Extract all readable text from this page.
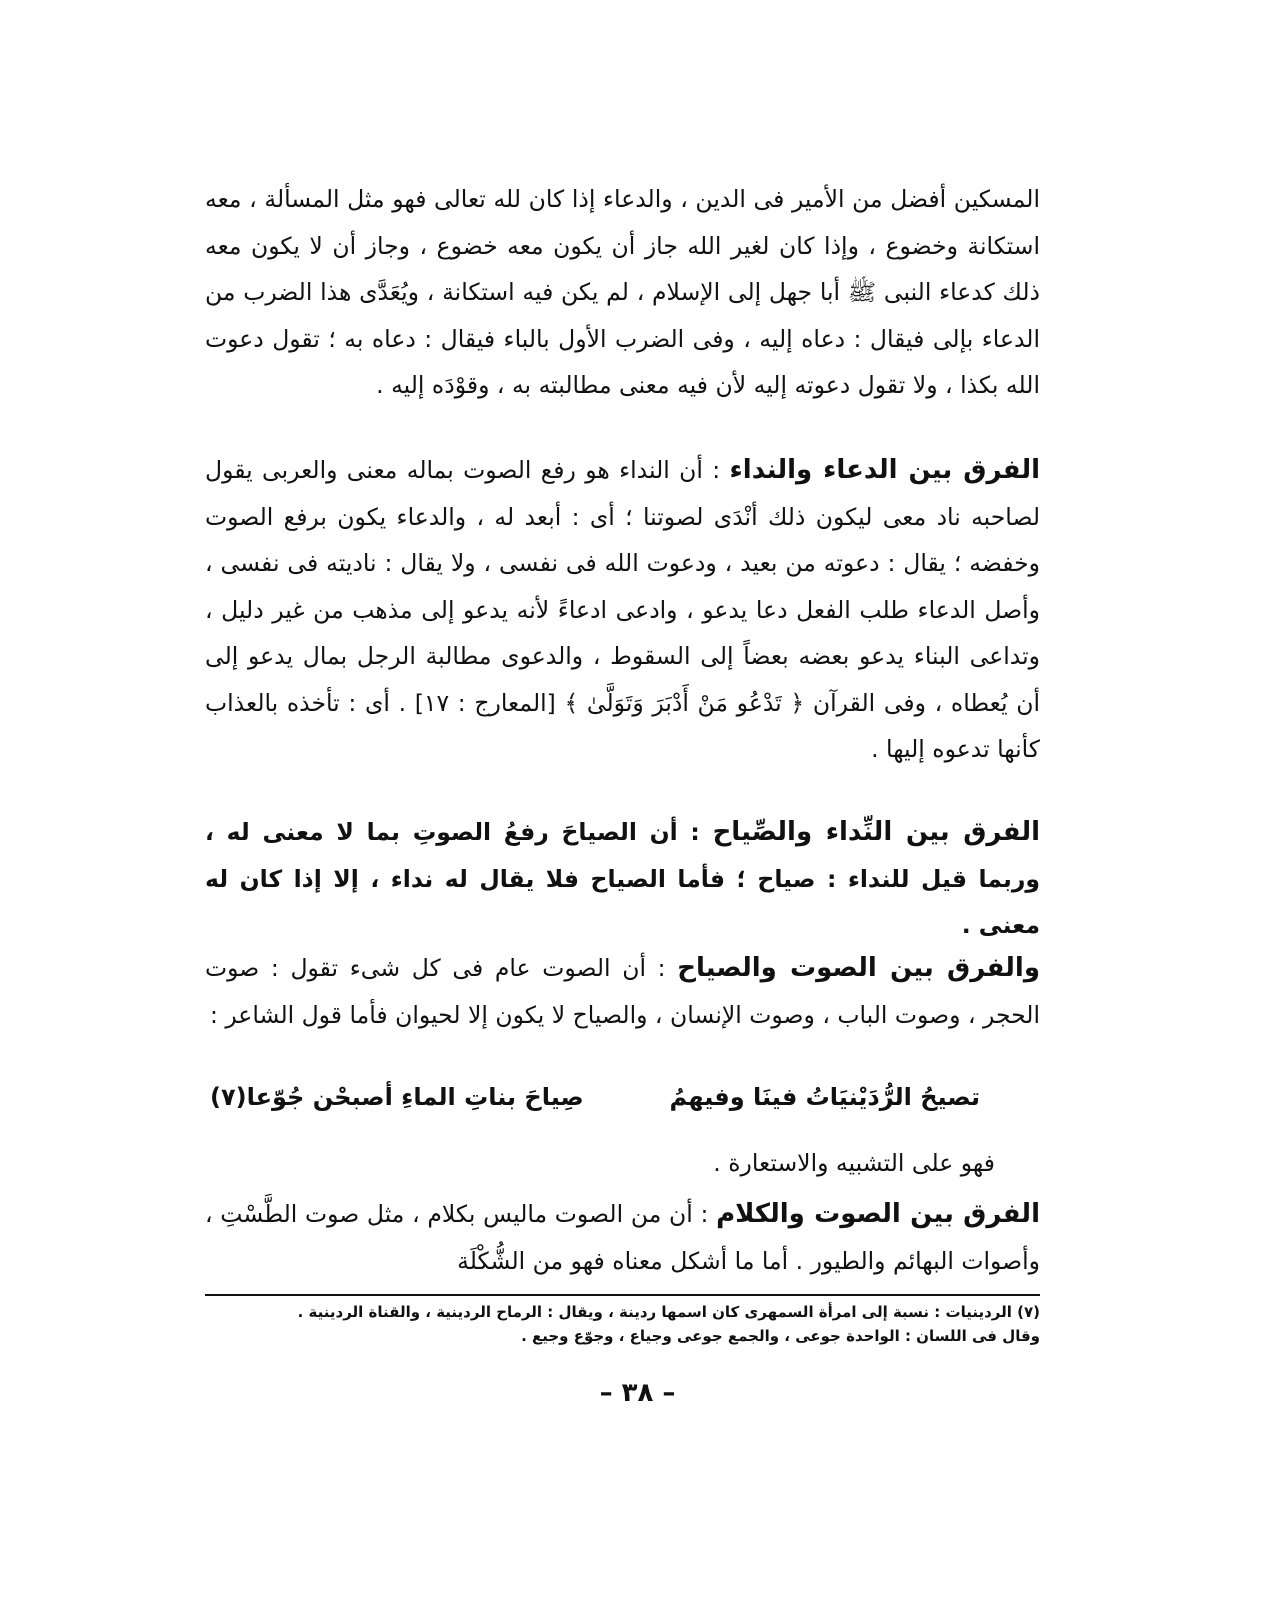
المسكين أفضل من الأمير فى الدين ، والدعاء إذا كان لله تعالى فهو مثل المسألة ، معه استكانة وخضوع ، وإذا كان لغير الله جاز أن يكون معه خضوع ، وجاز أن لا يكون معه ذلك كدعاء النبى ﷺ أبا جهل إلى الإسلام ، لم يكن فيه استكانة ، ويُعَدَّى هذا الضرب من الدعاء بإلى فيقال : دعاه إليه ، وفى الضرب الأول بالباء فيقال : دعاه به ؛ تقول دعوت الله بكذا ، ولا تقول دعوته إليه لأن فيه معنى مطالبته به ، وقوْدَه إليه .

الفرق بين الدعاء والنداء : أن النداء هو رفع الصوت بماله معنى والعربى يقول لصاحبه ناد معى ليكون ذلك أنْدَى لصوتنا ؛ أى : أبعد له ، والدعاء يكون برفع الصوت وخفضه ؛ يقال : دعوته من بعيد ، ودعوت الله فى نفسى ، ولا يقال : ناديته فى نفسى ، وأصل الدعاء طلب الفعل دعا يدعو ، وادعى ادعاءً لأنه يدعو إلى مذهب من غير دليل ، وتداعى البناء يدعو بعضه بعضاً إلى السقوط ، والدعوى مطالبة الرجل بمال يدعو إلى أن يُعطاه ، وفى القرآن ﴿ تَدْعُو مَنْ أَدْبَرَ وَتَوَلَّىٰ ﴾ [المعارج : ١٧] . أى : تأخذه بالعذاب كأنها تدعوه إليها .

الفرق بين النِّداء والصِّياح : أن الصياحَ رفعُ الصوتِ بما لا معنى له ، وربما قيل للنداء : صياح ؛ فأما الصياح فلا يقال له نداء ، إلا إذا كان له معنى .

والفرق بين الصوت والصياح : أن الصوت عام فى كل شىء تقول : صوت الحجر ، وصوت الباب ، وصوت الإنسان ، والصياح لا يكون إلا لحيوان فأما قول الشاعر :

تصيحُ الرُّدَيْنيَاتُ فينَا وفيهمُ
صِياحَ بناتِ الماءِ أصبحْن جُوّعا(٧)
فهو على التشبيه والاستعارة .

الفرق بين الصوت والكلام : أن من الصوت ماليس بكلام ، مثل صوت الطَّسْتِ ، وأصوات البهائم والطيور . أما ما أشكل معناه فهو من الشُّكْلَة

(٧) الردينيات : نسبة إلى امرأة السمهرى كان اسمها ردينة ، ويقال : الرماح الردينية ، والقناة الردينية .
وقال فى اللسان : الواحدة جوعى ، والجمع جوعى وجياع ، وجوّع وجيع .
– ٣٨ –
